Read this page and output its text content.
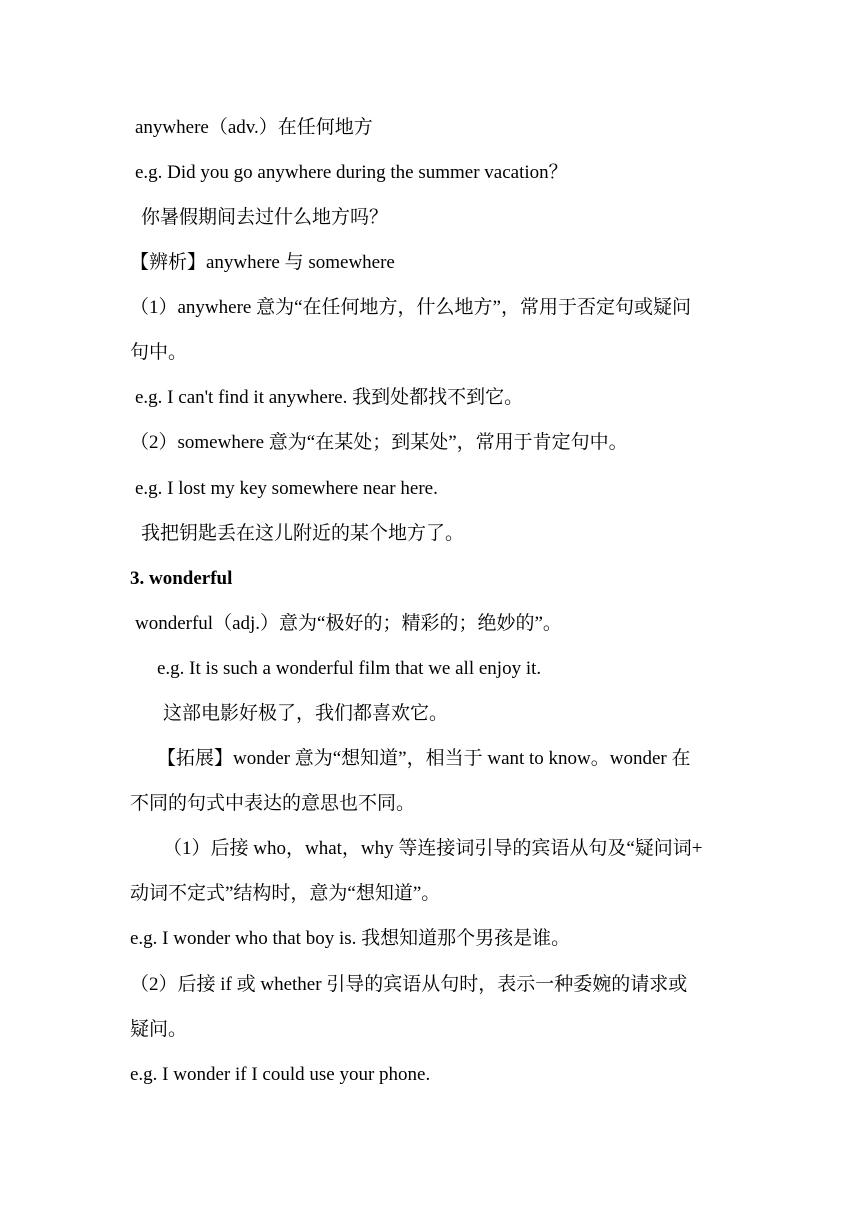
anywhere（adv.）在任何地方
e.g. Did you go anywhere during the summer vacation？
你暑假期间去过什么地方吗？
【辨析】anywhere 与 somewhere
（1）anywhere 意为“在任何地方，什么地方”，常用于否定句或疑问
句中。
e.g. I can't find it anywhere. 我到处都找不到它。
（2）somewhere 意为“在某处；到某处”，常用于肯定句中。
e.g. I lost my key somewhere near here.
我把钥匙丢在这儿附近的某个地方了。
3. wonderful
wonderful（adj.）意为“极好的；精彩的；绝妙的”。
e.g. It is such a wonderful film that we all enjoy it.
这部电影好极了，我们都喜欢它。
【拓展】wonder 意为“想知道”，相当于 want to know。wonder 在
不同的句式中表达的意思也不同。
（1）后接 who，what，why 等连接词引导的宾语从句及“疑问词+
动词不定式”结构时，意为“想知道”。
e.g. I wonder who that boy is. 我想知道那个男孩是谁。
（2）后接 if 或 whether 引导的宾语从句时，表示一种委婉的请求或
疑问。
e.g. I wonder if I could use your phone.
